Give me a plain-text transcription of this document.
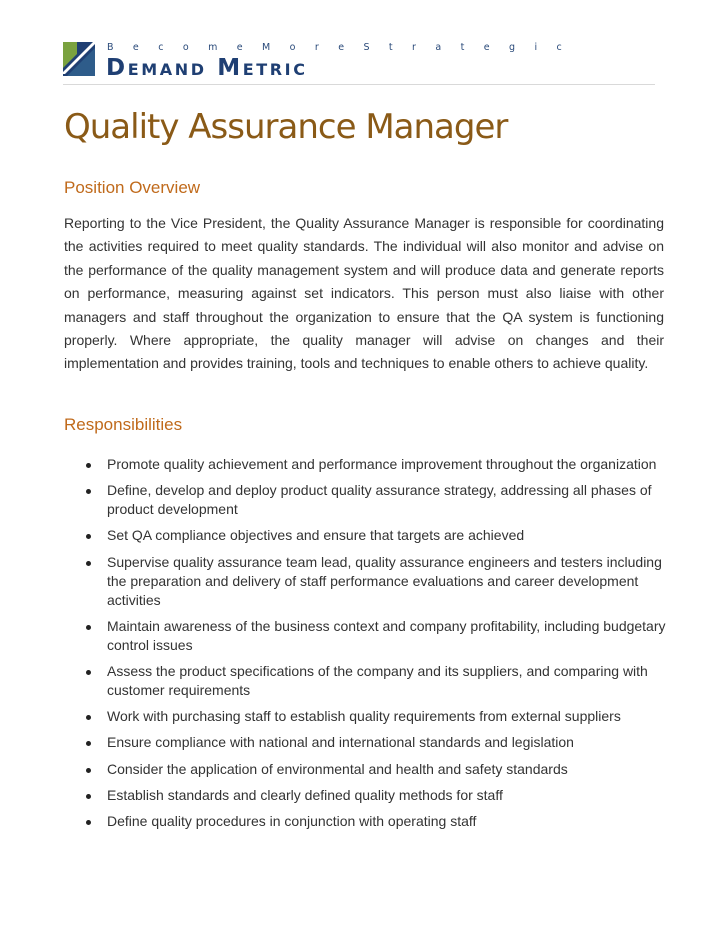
B e c o m e M o r e S t r a t e g i c
Demand Metric
Quality Assurance Manager
Position Overview

Reporting to the Vice President, the Quality Assurance Manager is responsible for coordinating the activities required to meet quality standards. The individual will also monitor and advise on the performance of the quality management system and will produce data and generate reports on performance, measuring against set indicators. This person must also liaise with other managers and staff throughout the organization to ensure that the QA system is functioning properly. Where appropriate, the quality manager will advise on changes and their implementation and provides training, tools and techniques to enable others to achieve quality.

Responsibilities
Promote quality achievement and performance improvement throughout the organization
Define, develop and deploy product quality assurance strategy, addressing all phases of product development
Set QA compliance objectives and ensure that targets are achieved
Supervise quality assurance team lead, quality assurance engineers and testers including the preparation and delivery of staff performance evaluations and career development activities
Maintain awareness of the business context and company profitability, including budgetary control issues
Assess the product specifications of the company and its suppliers, and comparing with customer requirements
Work with purchasing staff to establish quality requirements from external suppliers
Ensure compliance with national and international standards and legislation
Consider the application of environmental and health and safety standards
Establish standards and clearly defined quality methods for staff
Define quality procedures in conjunction with operating staff
